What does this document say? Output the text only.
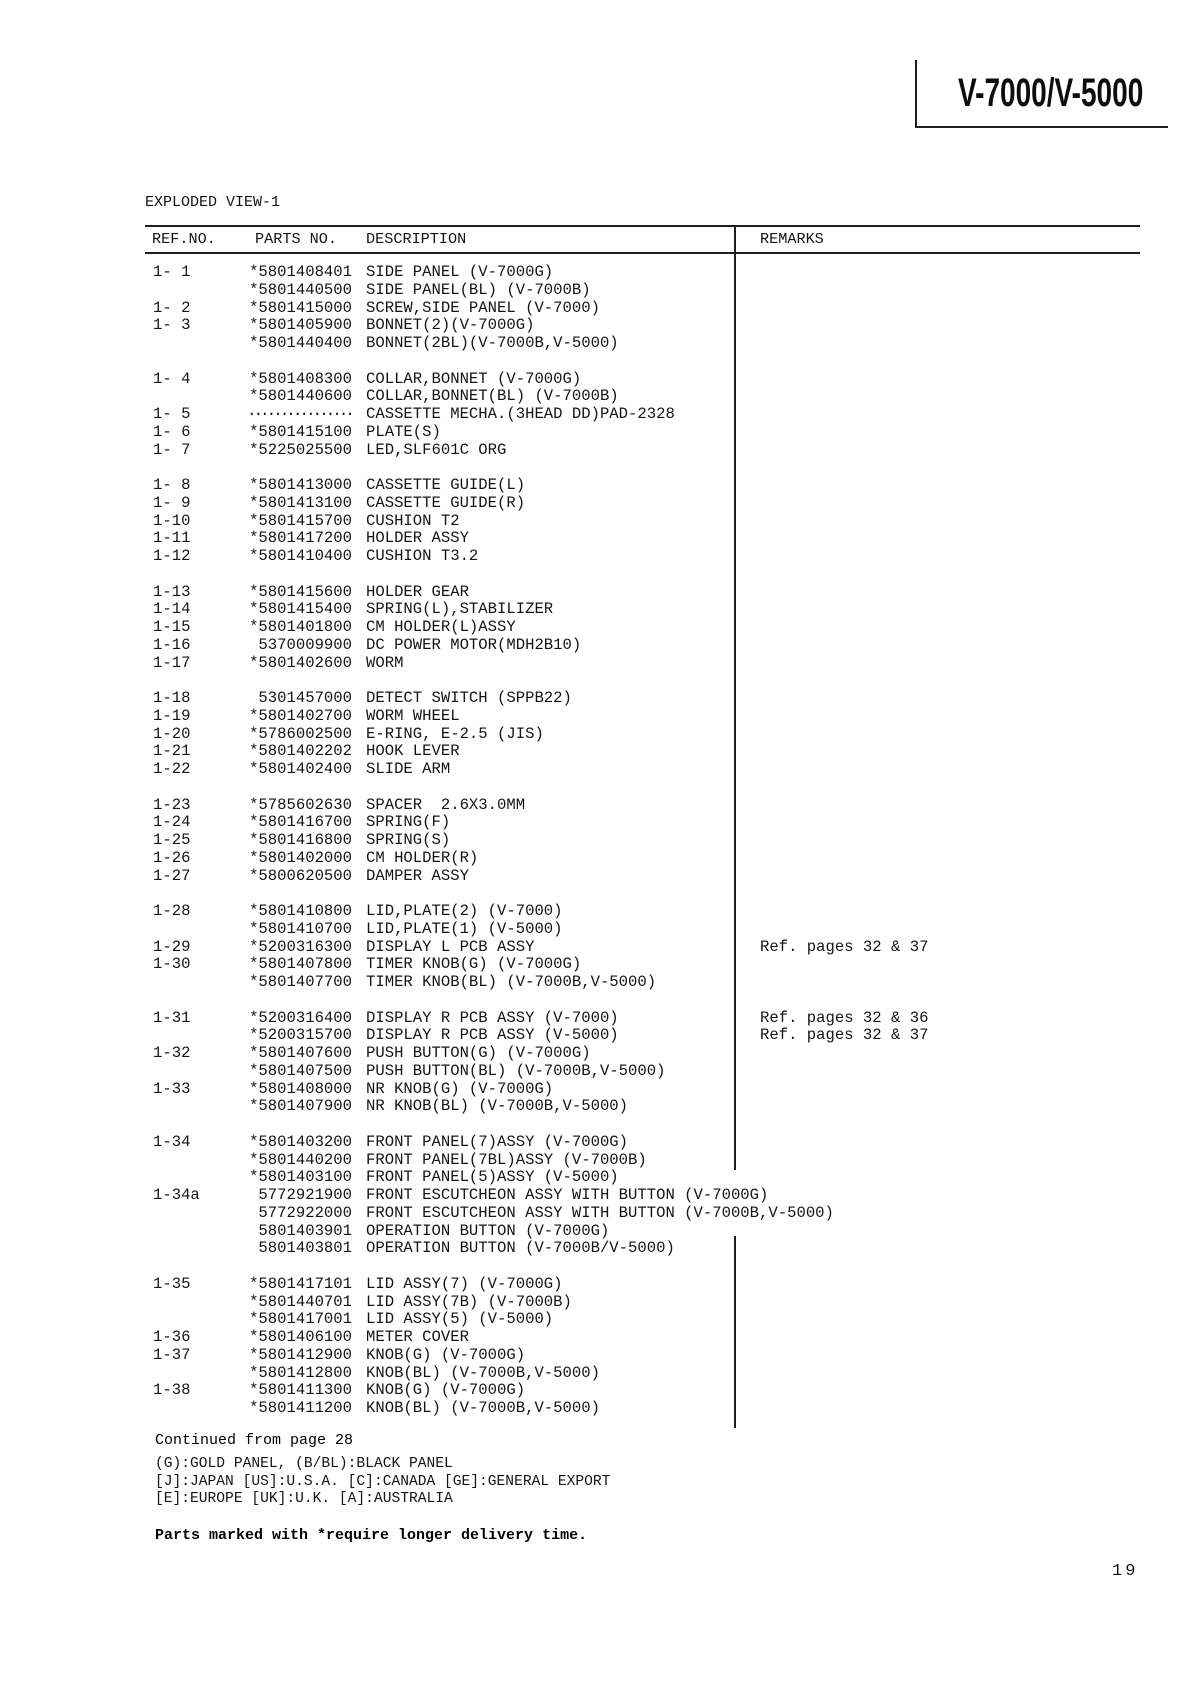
V-7000/V-5000
EXPLODED VIEW-1
REF.NO.	PARTS NO. DESCRIPTION	REMARKS
1- 1	*5801408401 SIDE PANEL (V-7000G)
*5801440500 SIDE PANEL(BL) (V-7000B)
1- 2	*5801415000 SCREW,SIDE PANEL (V-7000)
1- 3	*5801405900 BONNET(2)(V-7000G)
*5801440400 BONNET(2BL)(V-7000B,V-5000)
1- 4	*5801408300 COLLAR,BONNET (V-7000G)
*5801440600 COLLAR,BONNET(BL) (V-7000B)
1- 5	················ CASSETTE MECHA.(3HEAD DD)PAD-2328
1- 6	*5801415100 PLATE(S)
1- 7	*5225025500 LED,SLF601C ORG
1- 8	*5801413000 CASSETTE GUIDE(L)
1- 9	*5801413100 CASSETTE GUIDE(R)
1-10	*5801415700 CUSHION T2
1-11	*5801417200 HOLDER ASSY
1-12	*5801410400 CUSHION T3.2
1-13	*5801415600 HOLDER GEAR
1-14	*5801415400 SPRING(L),STABILIZER
1-15	*5801401800 CM HOLDER(L)ASSY
1-16	5370009900 DC POWER MOTOR(MDH2B10)
1-17	*5801402600 WORM
1-18	5301457000 DETECT SWITCH (SPPB22)
1-19	*5801402700 WORM WHEEL
1-20	*5786002500 E-RING, E-2.5 (JIS)
1-21	*5801402202 HOOK LEVER
1-22	*5801402400 SLIDE ARM
1-23	*5785602630 SPACER  2.6X3.0MM
1-24	*5801416700 SPRING(F)
1-25	*5801416800 SPRING(S)
1-26	*5801402000 CM HOLDER(R)
1-27	*5800620500 DAMPER ASSY
1-28	*5801410800 LID,PLATE(2) (V-7000)
*5801410700 LID,PLATE(1) (V-5000)
1-29	*5200316300 DISPLAY L PCB ASSY	Ref. pages 32 & 37
1-30	*5801407800 TIMER KNOB(G) (V-7000G)
*5801407700 TIMER KNOB(BL) (V-7000B,V-5000)
1-31	*5200316400 DISPLAY R PCB ASSY (V-7000)	Ref. pages 32 & 36
*5200315700 DISPLAY R PCB ASSY (V-5000)	Ref. pages 32 & 37
1-32	*5801407600 PUSH BUTTON(G) (V-7000G)
*5801407500 PUSH BUTTON(BL) (V-7000B,V-5000)
1-33	*5801408000 NR KNOB(G) (V-7000G)
*5801407900 NR KNOB(BL) (V-7000B,V-5000)
1-34	*5801403200 FRONT PANEL(7)ASSY (V-7000G)
*5801440200 FRONT PANEL(7BL)ASSY (V-7000B)
*5801403100 FRONT PANEL(5)ASSY (V-5000)
1-34a	5772921900 FRONT ESCUTCHEON ASSY WITH BUTTON (V-7000G)
5772922000 FRONT ESCUTCHEON ASSY WITH BUTTON (V-7000B,V-5000)
5801403901 OPERATION BUTTON (V-7000G)
5801403801 OPERATION BUTTON (V-7000B/V-5000)
1-35	*5801417101 LID ASSY(7) (V-7000G)
*5801440701 LID ASSY(7B) (V-7000B)
*5801417001 LID ASSY(5) (V-5000)
1-36	*5801406100 METER COVER
1-37	*5801412900 KNOB(G) (V-7000G)
*5801412800 KNOB(BL) (V-7000B,V-5000)
1-38	*5801411300 KNOB(G) (V-7000G)
*5801411200 KNOB(BL) (V-7000B,V-5000)
Continued from page 28
(G):GOLD PANEL, (B/BL):BLACK PANEL
[J]:JAPAN [US]:U.S.A. [C]:CANADA [GE]:GENERAL EXPORT
[E]:EUROPE [UK]:U.K. [A]:AUSTRALIA
Parts marked with *require longer delivery time.
19
